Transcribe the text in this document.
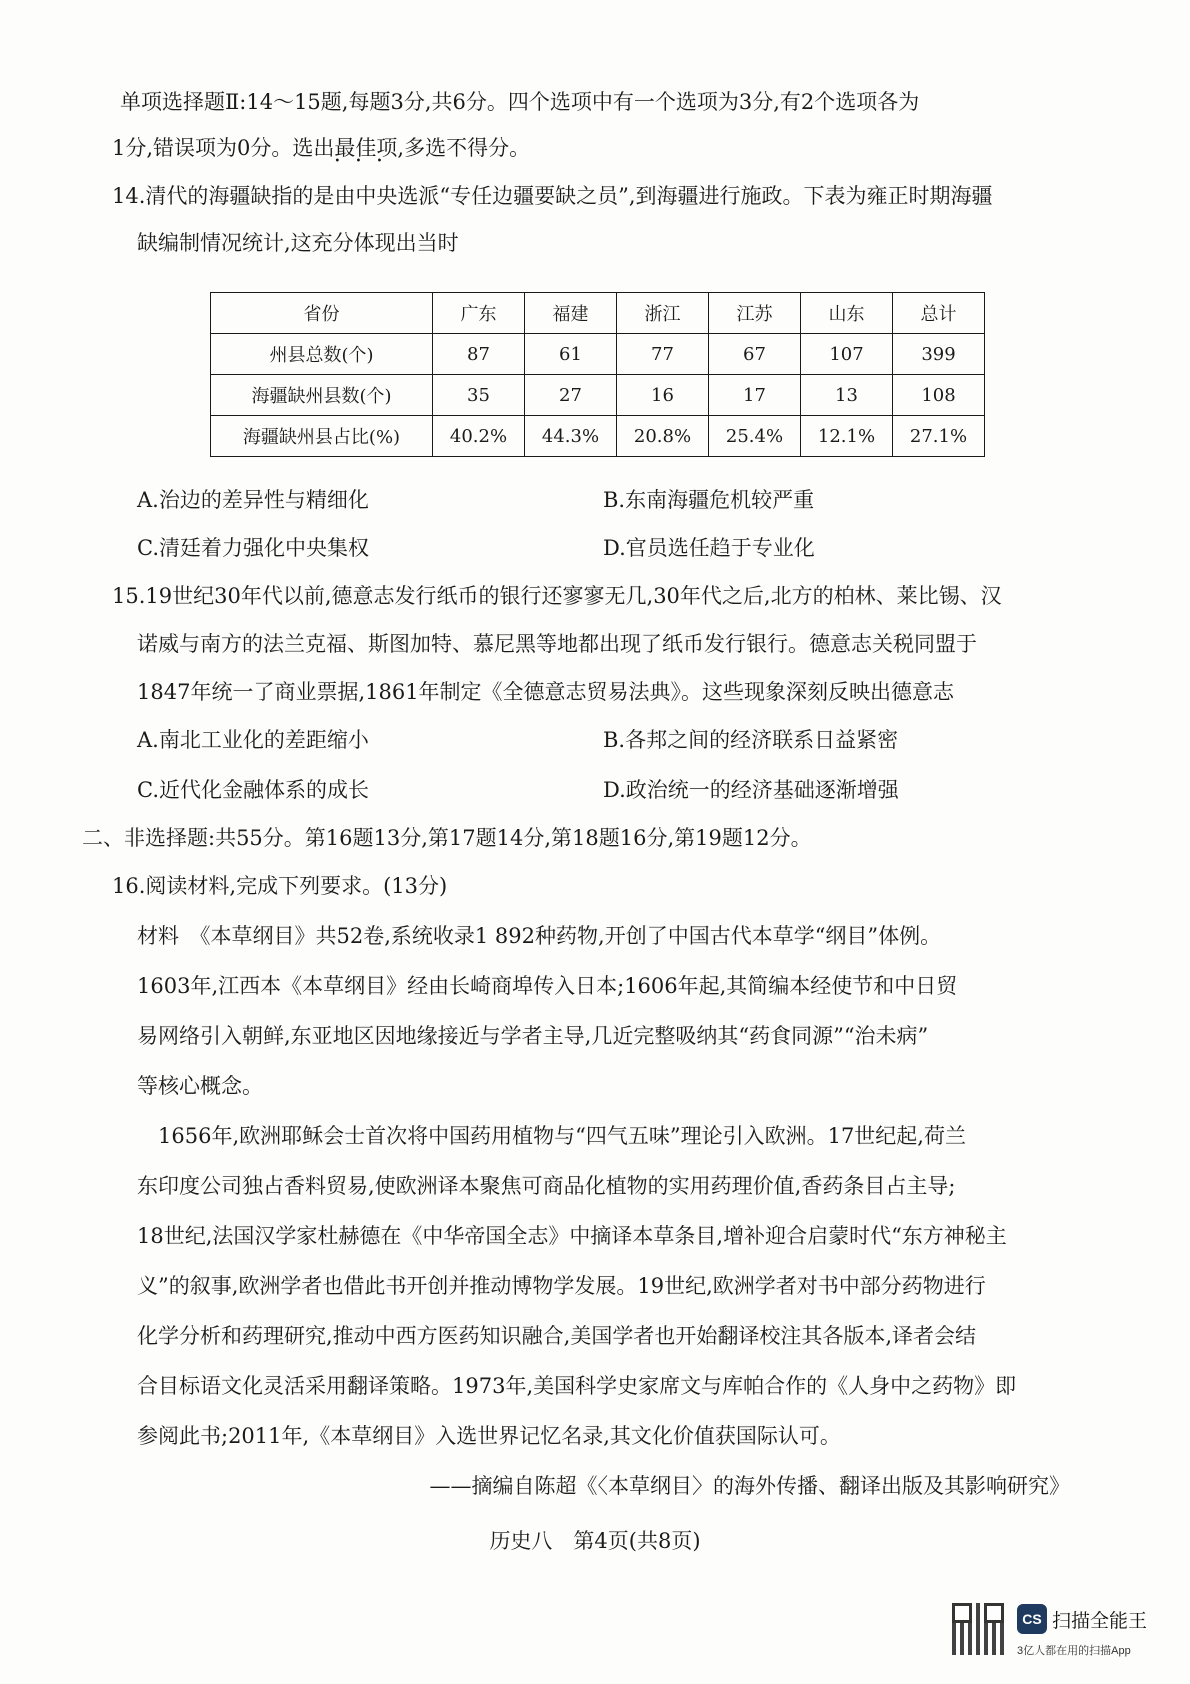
单项选择题Ⅱ:14～15题,每题3分,共6分。四个选项中有一个选项为3分,有2个选项各为
1分,错误项为0分。选出最佳项 • • •,多选不得分。
14.清代的海疆缺指的是由中央选派“专任边疆要缺之员”,到海疆进行施政。下表为雍正时期海疆
缺编制情况统计,这充分体现出当时
省份	广东	福建	浙江	江苏	山东	总计
州县总数(个)	87	61	77	67	107	399
海疆缺州县数(个)	35	27	16	17	13	108
海疆缺州县占比(%)	40.2%	44.3%	20.8%	25.4%	12.1%	27.1%
A.治边的差异性与精细化	B.东南海疆危机较严重
C.清廷着力强化中央集权	D.官员选任趋于专业化
15.19世纪30年代以前,德意志发行纸币的银行还寥寥无几,30年代之后,北方的柏林、莱比锡、汉
诺威与南方的法兰克福、斯图加特、慕尼黑等地都出现了纸币发行银行。德意志关税同盟于
1847年统一了商业票据,1861年制定《全德意志贸易法典》。这些现象深刻反映出德意志
A.南北工业化的差距缩小	B.各邦之间的经济联系日益紧密
C.近代化金融体系的成长	D.政治统一的经济基础逐渐增强
二、非选择题:共55分。第16题13分,第17题14分,第18题16分,第19题12分。
16.阅读材料,完成下列要求。(13分)
材料　《本草纲目》共52卷,系统收录1 892种药物,开创了中国古代本草学“纲目”体例。
1603年,江西本《本草纲目》经由长崎商埠传入日本;1606年起,其简编本经使节和中日贸
易网络引入朝鲜,东亚地区因地缘接近与学者主导,几近完整吸纳其“药食同源”“治未病”
等核心概念。
1656年,欧洲耶稣会士首次将中国药用植物与“四气五味”理论引入欧洲。17世纪起,荷兰
东印度公司独占香料贸易,使欧洲译本聚焦可商品化植物的实用药理价值,香药条目占主导;
18世纪,法国汉学家杜赫德在《中华帝国全志》中摘译本草条目,增补迎合启蒙时代“东方神秘主
义”的叙事,欧洲学者也借此书开创并推动博物学发展。19世纪,欧洲学者对书中部分药物进行
化学分析和药理研究,推动中西方医药知识融合,美国学者也开始翻译校注其各版本,译者会结
合目标语文化灵活采用翻译策略。1973年,美国科学史家席文与库帕合作的《人身中之药物》即
参阅此书;2011年,《本草纲目》入选世界记忆名录,其文化价值获国际认可。
——摘编自陈超《〈本草纲目〉的海外传播、翻译出版及其影响研究》
历史八　第4页(共8页)
CS 扫描全能王
3亿人都在用的扫描App
